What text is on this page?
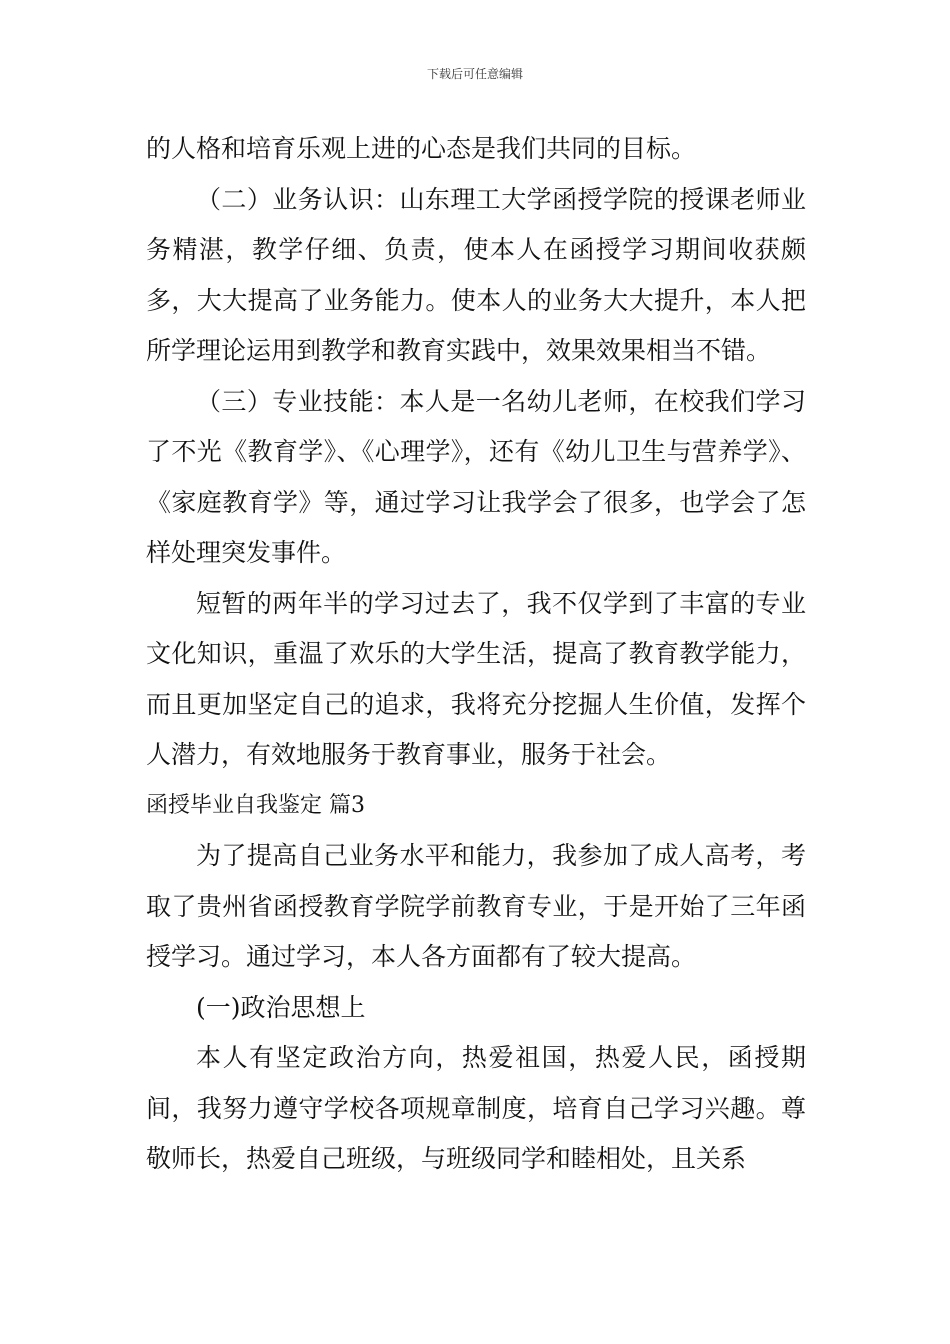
下载后可任意编辑

的人格和培育乐观上进的心态是我们共同的目标。

（二）业务认识：山东理工大学函授学院的授课老师业务精湛，教学仔细、负责，使本人在函授学习期间收获颇多，大大提高了业务能力。使本人的业务大大提升，本人把所学理论运用到教学和教育实践中，效果效果相当不错。

（三）专业技能：本人是一名幼儿老师，在校我们学习了不光《教育学》、《心理学》，还有《幼儿卫生与营养学》、《家庭教育学》等，通过学习让我学会了很多，也学会了怎样处理突发事件。

短暂的两年半的学习过去了，我不仅学到了丰富的专业文化知识，重温了欢乐的大学生活，提高了教育教学能力，而且更加坚定自己的追求，我将充分挖掘人生价值，发挥个人潜力，有效地服务于教育事业，服务于社会。

函授毕业自我鉴定 篇3

为了提高自己业务水平和能力，我参加了成人高考，考取了贵州省函授教育学院学前教育专业，于是开始了三年函授学习。通过学习，本人各方面都有了较大提高。

(一)政治思想上

本人有坚定政治方向，热爱祖国，热爱人民，函授期间，我努力遵守学校各项规章制度，培育自己学习兴趣。尊敬师长，热爱自己班级，与班级同学和睦相处，且关系
